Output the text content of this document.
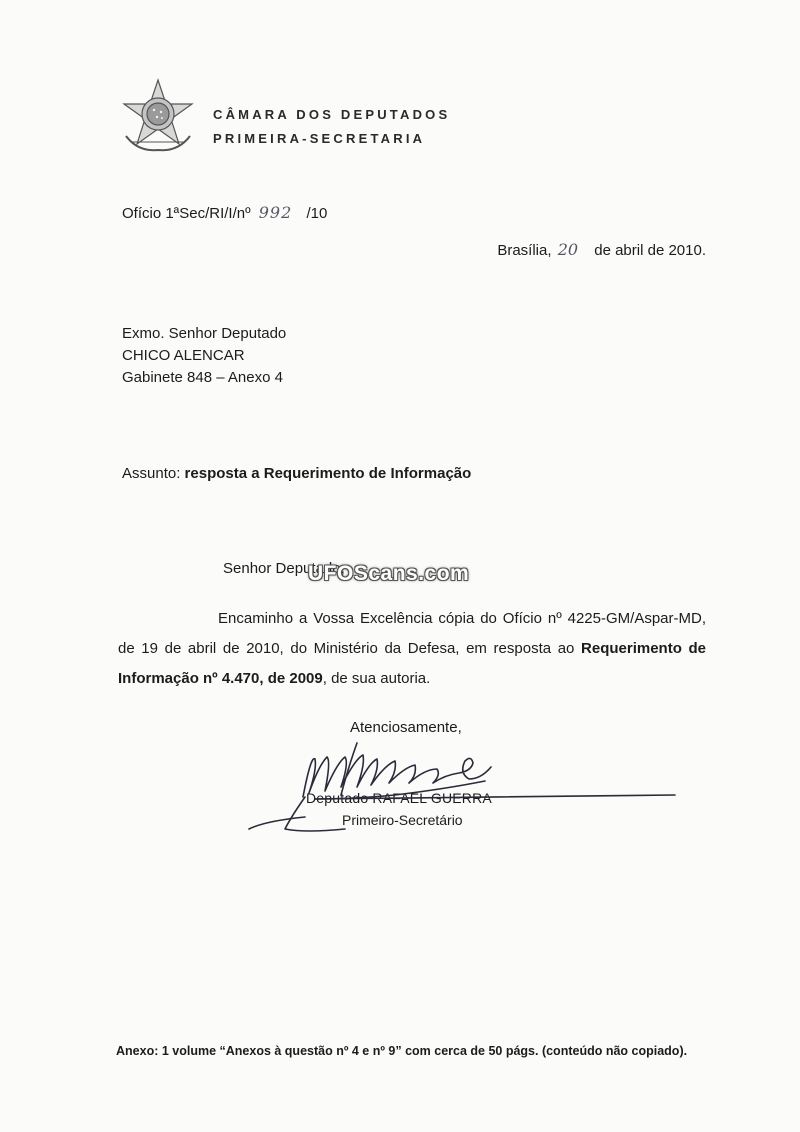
CÂMARA DOS DEPUTADOS
PRIMEIRA-SECRETARIA
Ofício 1ªSec/RI/I/nº 992 /10
Brasília, 20 de abril de 2010.
Exmo. Senhor Deputado
CHICO ALENCAR
Gabinete 848 – Anexo 4
Assunto: resposta a Requerimento de Informação
Senhor Deputado,
Encaminho a Vossa Excelência cópia do Ofício nº 4225-GM/Aspar-MD, de 19 de abril de 2010, do Ministério da Defesa, em resposta ao Requerimento de Informação nº 4.470, de 2009, de sua autoria.
Atenciosamente,
Deputado RAFAEL GUERRA
Primeiro-Secretário
UFOScans.com
Anexo: 1 volume “Anexos à questão nº 4 e nº 9” com cerca de 50 págs. (conteúdo não copiado).
